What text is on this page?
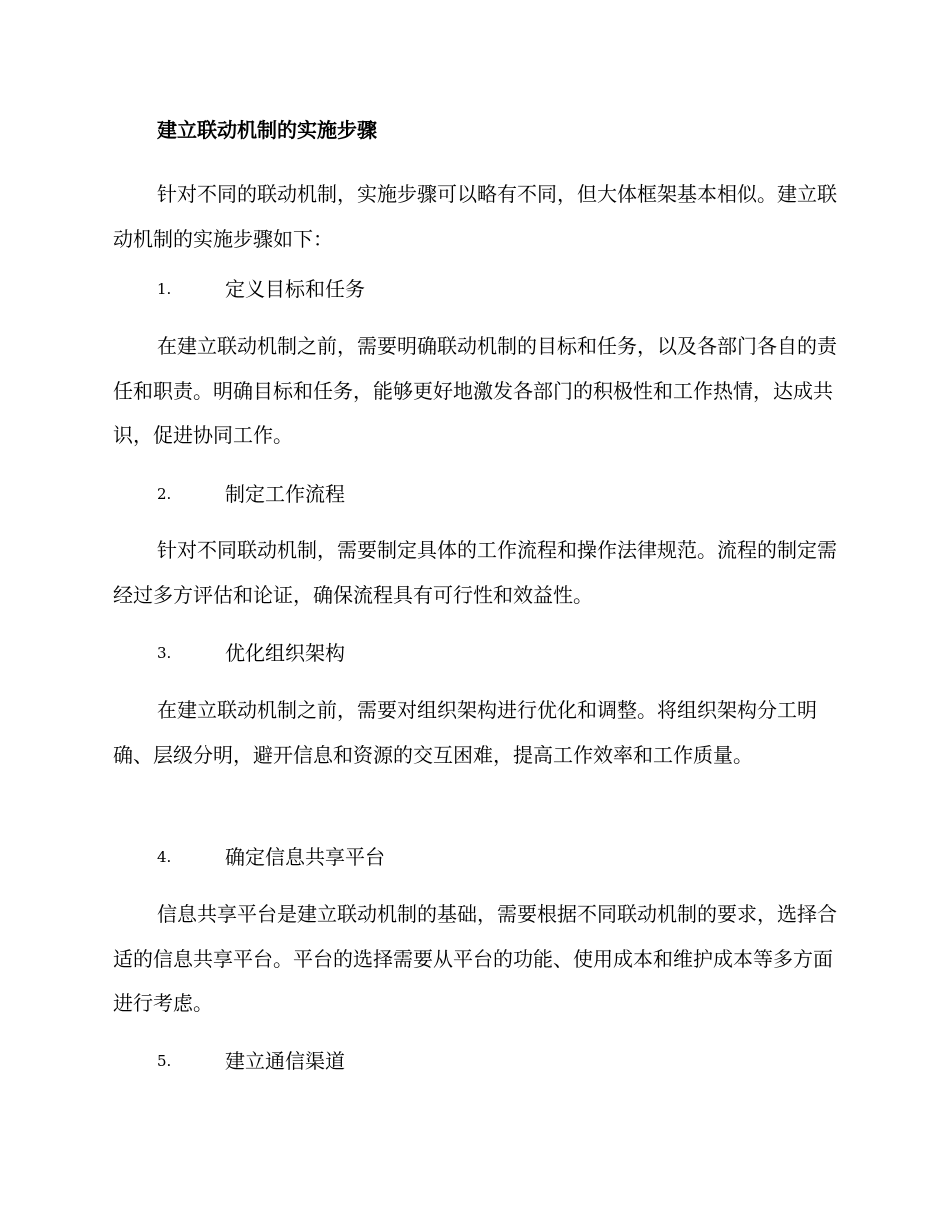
建立联动机制的实施步骤

针对不同的联动机制，实施步骤可以略有不同，但大体框架基本相似。建立联动机制的实施步骤如下：

1.	定义目标和任务

在建立联动机制之前，需要明确联动机制的目标和任务，以及各部门各自的责任和职责。明确目标和任务，能够更好地激发各部门的积极性和工作热情，达成共识，促进协同工作。

2.	制定工作流程

针对不同联动机制，需要制定具体的工作流程和操作法律规范。流程的制定需经过多方评估和论证，确保流程具有可行性和效益性。

3.	优化组织架构

在建立联动机制之前，需要对组织架构进行优化和调整。将组织架构分工明确、层级分明，避开信息和资源的交互困难，提高工作效率和工作质量。

4.	确定信息共享平台

信息共享平台是建立联动机制的基础，需要根据不同联动机制的要求，选择合适的信息共享平台。平台的选择需要从平台的功能、使用成本和维护成本等多方面进行考虑。

5.	建立通信渠道
